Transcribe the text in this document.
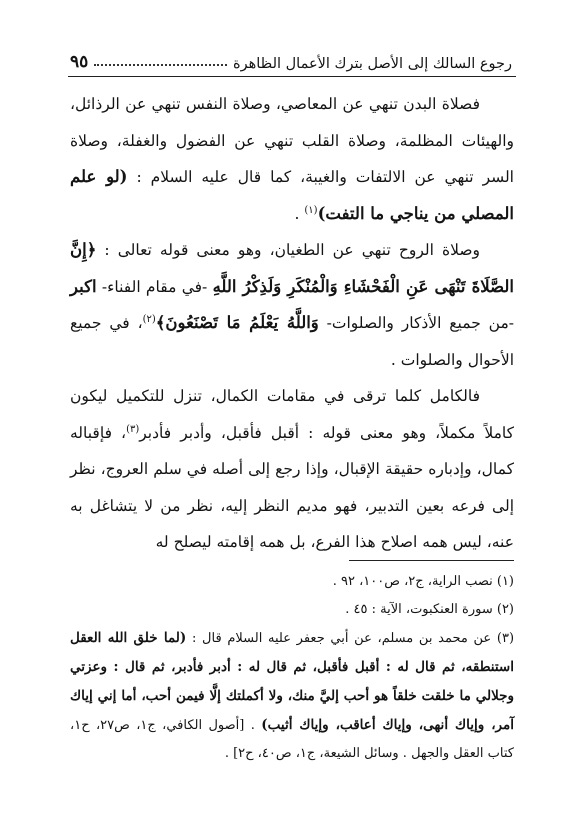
رجوع السالك إلى الأصل بترك الأعمال الظاهرة
٩٥

فصلاة البدن تنهي عن المعاصي، وصلاة النفس تنهي عن الرذائل، والهيئات المظلمة، وصلاة القلب تنهي عن الفضول والغفلة، وصلاة السر تنهي عن الالتفات والغيبة، كما قال عليه السلام : (لو علم المصلي من يناجي ما التفت)$^{(١)}$ .

وصلاة الروح تنهي عن الطغيان، وهو معنى قوله تعالى : ﴿إِنَّ الصَّلَاةَ تَنْهَى عَنِ الْفَحْشَاءِ وَالْمُنْكَرِ وَلَذِكْرُ اللَّهِ -في مقام الفناء- اكبر -من جميع الأذكار والصلوات- وَاللَّهُ يَعْلَمُ مَا تَصْنَعُونَ﴾$^{(٢)}$، في جميع الأحوال والصلوات .

فالكامل كلما ترقى في مقامات الكمال، تنزل للتكميل ليكون كاملاً مكملاً، وهو معنى قوله : أقبل فأقبل، وأدبر فأدبر$^{(٣)}$، فإقباله كمال، وإدباره حقيقة الإقبال، وإذا رجع إلى أصله في سلم العروج، نظر إلى فرعه بعين التدبير، فهو مديم النظر إليه، نظر من لا يتشاغل به عنه، ليس همه اصلاح هذا الفرع، بل همه إقامته ليصلح له

(١) نصب الراية، ج٢، ص١٠٠، ٩٢ .
(٢) سورة العنكبوت، الآية : ٤٥ .
(٣) عن محمد بن مسلم، عن أبي جعفر عليه السلام قال : (لما خلق الله العقل استنطقه، ثم قال له : أقبل فأقبل، ثم قال له : أدبر فأدبر، ثم قال : وعزتي وجلالي ما خلقت خلقاً هو أحب إليَّ منك، ولا أكملتك إلَّا فيمن أحب، أما إني إياك آمر، وإياك أنهى، وإياك أعاقب، وإياك أثيب) . [أصول الكافي، ج١، ص٢٧، ح١، كتاب العقل والجهل . وسائل الشيعة، ج١، ص٤٠، ح٢] .
